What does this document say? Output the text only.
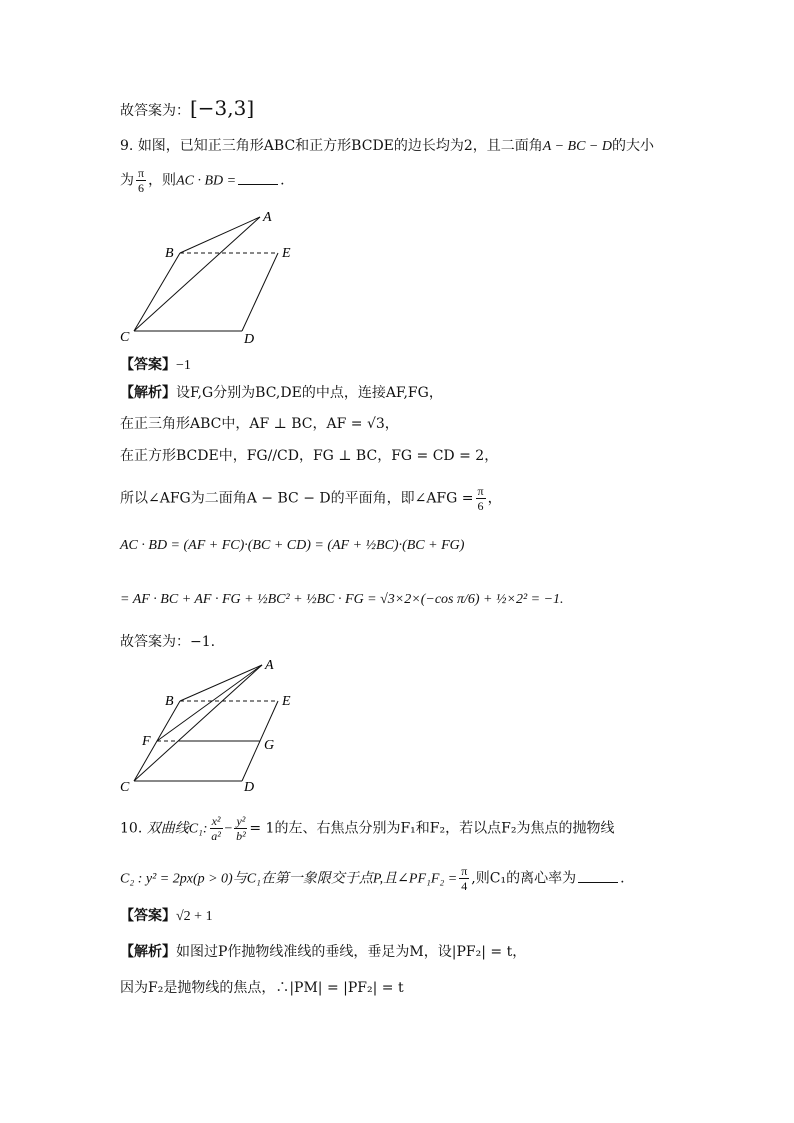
故答案为：[−3,3]
9. 如图，已知正三角形ABC和正方形BCDE的边长均为2，且二面角A − BC − D的大小
为 $\frac{\pi}{6}$ ，则AC · BD =	.
A
B	E
C	D
【答案】−1
【解析】设F,G分别为BC,DE的中点，连接AF,FG，
在正三角形ABC中，AF ⊥ BC，AF = √3，
在正方形BCDE中，FG//CD，FG ⊥ BC，FG = CD = 2，
所以∠AFG为二面角A − BC − D的平面角，即∠AFG = $\frac{\pi}{6}$ ，
AC · BD = (AF + FC)·(BC + CD) = (AF + ½BC)·(BC + FG)
= AF · BC + AF · FG + ½BC² + ½BC · FG = √3×2×(−cos π/6) + ½×2² = −1.
故答案为：−1.
A
B	E
F	G
C	D
10. 双曲线C₁: $\frac{\text{x²}}{\text{a²}} - \frac{\text{y²}}{\text{b²}} = 1$的左、右焦点分别为F₁和F₂，若以点F₂为焦点的抛物线
C₂ : y² = 2px(p > 0)与C₁在第一象限交于点P,且∠PF₁F₂ = $\frac{\pi}{4}$ ,则C₁的离心率为	.
【答案】√2 + 1
【解析】如图过P作抛物线准线的垂线，垂足为M，设|PF₂| = t，
因为F₂是抛物线的焦点，∴|PM| = |PF₂| = t
